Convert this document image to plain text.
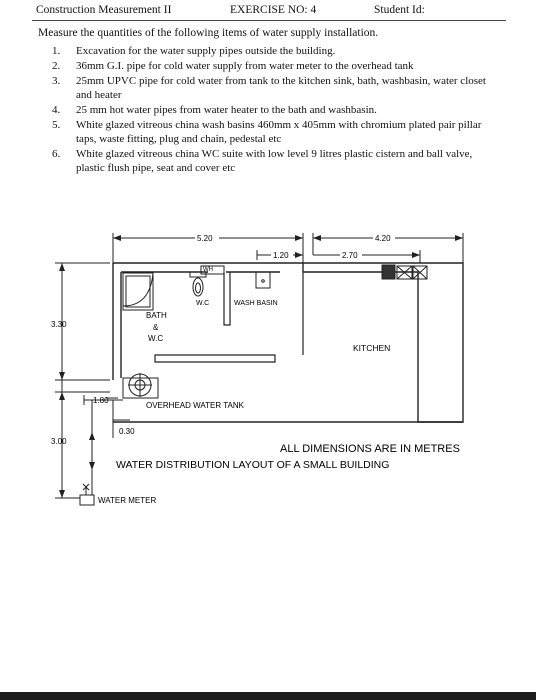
Construction Measurement II	EXERCISE NO: 4	Student Id:
Measure the quantities of the following items of water supply installation.
1. Excavation for the water supply pipes outside the building.
2. 36mm G.I. pipe for cold water supply from water meter to the overhead tank
3. 25mm UPVC pipe for cold water from tank to the kitchen sink, bath, washbasin, water closet and heater
4. 25 mm hot water pipes from water heater to the bath and washbasin.
5. White glazed vitreous china wash basins 460mm x 405mm with chromium plated pair pillar taps, waste fitting, plug and chain, pedestal etc
6. White glazed vitreous china WC suite with low level 9 litres plastic cistern and ball valve, plastic flush pipe, seat and cover etc
5.20
1.20
4.20
2.70
3.30
1.80
3.00
0.30
WH
W.C	WASH BASIN
BATH
&
W.C
KITCHEN
OVERHEAD WATER TANK
WATER METER
ALL DIMENSIONS ARE IN METRES
WATER DISTRIBUTION LAYOUT OF A SMALL BUILDING
